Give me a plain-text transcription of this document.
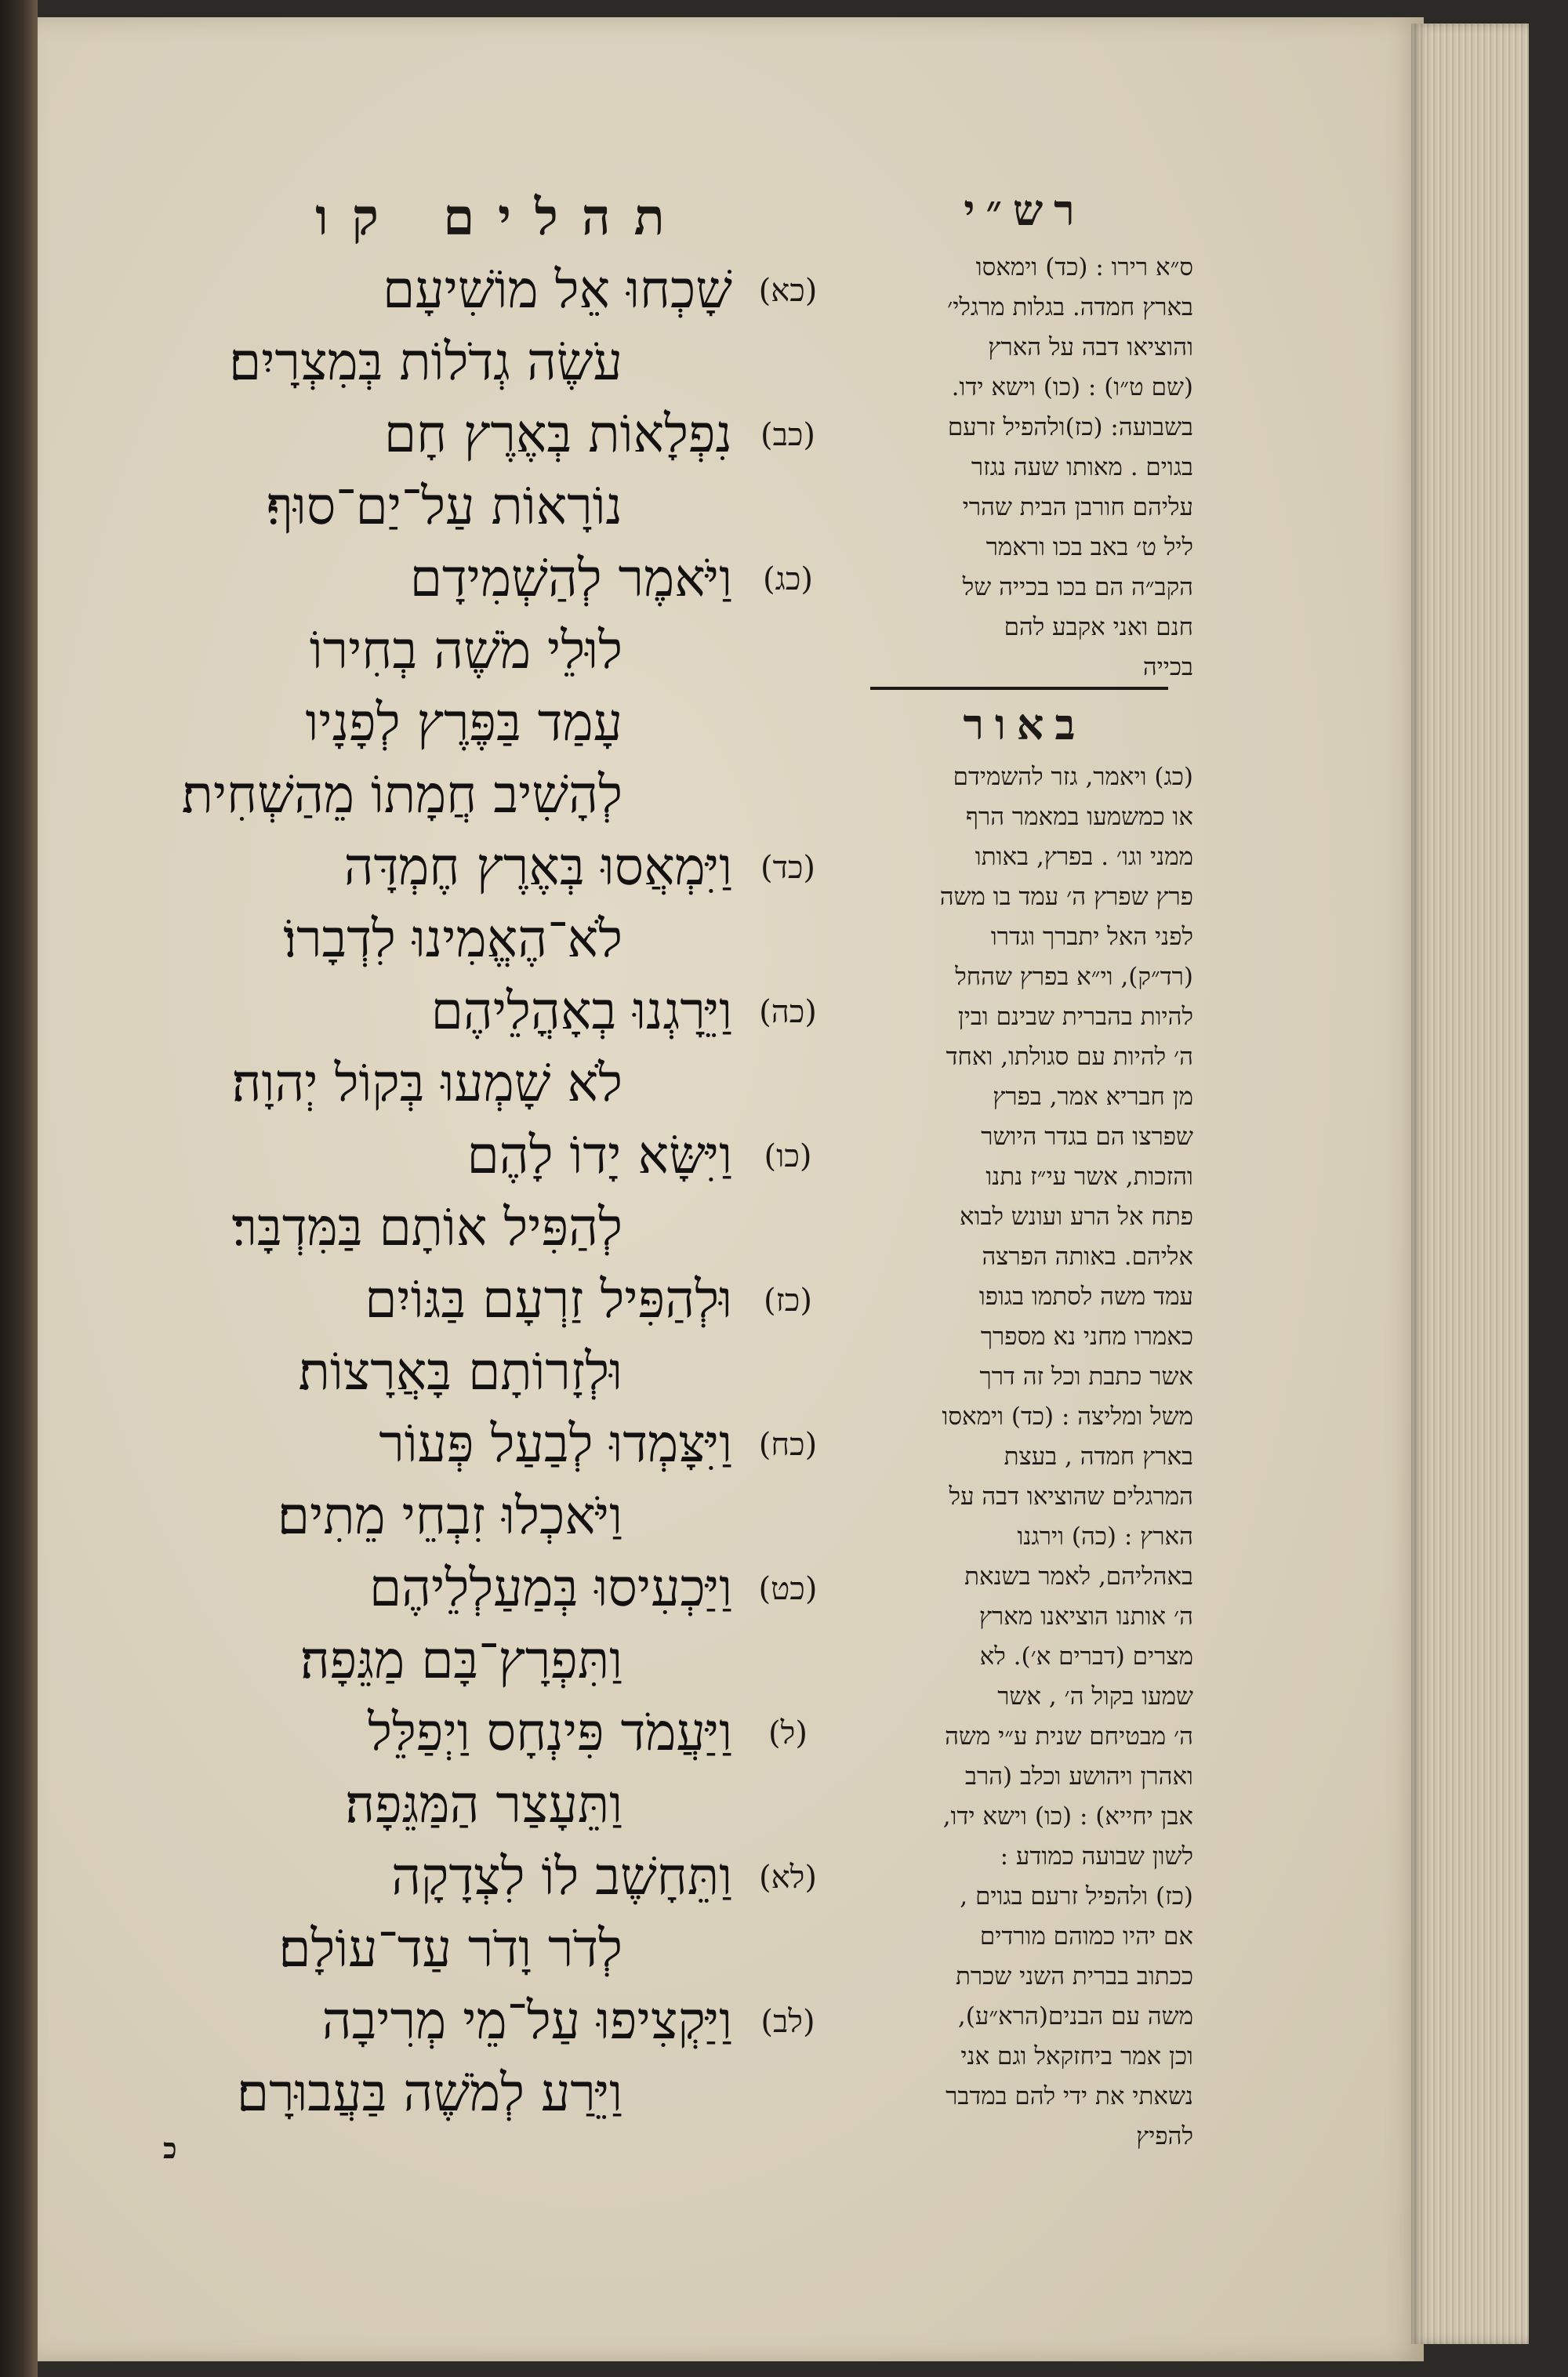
תהלים קו
(כא)
שָׁכְחוּ אֵל מוֹשִׁיעָם
עֹשֶׂה גְדֹלוֹת בְּמִצְרָיִם׃
(כב)
נִפְלָאוֹת בְּאֶרֶץ חָם
נוֹרָאוֹת עַל־יַם־סוּף׃
(כג)
וַיֹּאמֶר לְהַשְׁמִידָם
לוּלֵי מֹשֶׁה בְחִירוֹ
עָמַד בַּפֶּרֶץ לְפָנָיו
לְהָשִׁיב חֲמָתוֹ מֵהַשְׁחִית׃
(כד)
וַיִּמְאֲסוּ בְּאֶרֶץ חֶמְדָּה
לֹא־הֶאֱמִינוּ לִדְבָרוֹ׃
(כה)
וַיֵּרָגְנוּ בְאָהֳלֵיהֶם
לֹא שָׁמְעוּ בְּקוֹל יְהוָה׃
(כו)
וַיִּשָּׂא יָדוֹ לָהֶם
לְהַפִּיל אוֹתָם בַּמִּדְבָּר׃
(כז)
וּלְהַפִּיל זַרְעָם בַּגּוֹיִם
וּלְזָרוֹתָם בָּאֲרָצוֹת׃
(כח)
וַיִּצָּמְדוּ לְבַעַל פְּעוֹר
וַיֹּאכְלוּ זִבְחֵי מֵתִים׃
(כט)
וַיַּכְעִיסוּ בְּמַעַלְלֵיהֶם
וַתִּפְרָץ־בָּם מַגֵּפָה׃
(ל)
וַיַּעֲמֹד פִּינְחָס וַיְפַלֵּל
וַתֵּעָצַר הַמַּגֵּפָה׃
(לא)
וַתֵּחָשֶׁב לוֹ לִצְדָקָה
לְדֹר וָדֹר עַד־עוֹלָם׃
(לב)
וַיַּקְצִיפוּ עַל־מֵי מְרִיבָה
וַיֵּרַע לְמֹשֶׁה בַּעֲבוּרָם׃
כ
רש״י
ס״א רירו : (כד) וימאסו
בארץ חמדה. בגלות מרגלי׳
והוציאו דבה על הארץ
(שם ט״ו) : (כו) וישא ידו.
בשבועה: (כז)ולהפיל זרעם
בגוים . מאותו שעה נגזר
עליהם חורבן הבית שהרי
ליל ט׳ באב בכו וראמר
הקב״ה הם בכו בכייה של
חנם ואני אקבע להם
בכייה
באור
(כג) ויאמר, גזר להשמידם
או כמשמעו במאמר הרף
ממני וגו׳ . בפרץ, באותו
פרץ שפרץ ה׳ עמד בו משה
לפני האל יתברך וגדרו
(רד״ק), וי״א בפרץ שהחל
להיות בהברית שבינם ובין
ה׳ להיות עם סגולתו, ואחד
מן חבריא אמר, בפרץ
שפרצו הם בגדר היושר
והזכות, אשר עי״ז נתנו
פתח אל הרע ועונש לבוא
אליהם. באותה הפרצה
עמד משה לסתמו בגופו
כאמרו מחני נא מספרך
אשר כתבת וכל זה דרך
משל ומליצה : (כד) וימאסו
בארץ חמדה , בעצת
המרגלים שהוציאו דבה על
הארץ : (כה) וירגנו
באהליהם, לאמר בשנאת
ה׳ אותנו הוציאנו מארץ
מצרים (דברים א׳). לא
שמעו בקול ה׳ , אשר
ה׳ מבטיחם שנית ע״י משה
ואהרן ויהושע וכלב (הרב
אבן יחייא) : (כו) וישא ידו,
לשון שבועה כמודע :
(כז) ולהפיל זרעם בגוים ,
אם יהיו כמוהם מורדים
ככתוב בברית השני שכרת
משה עם הבנים(הרא״ע),
וכן אמר ביחזקאל וגם אני
נשאתי את ידי להם במדבר
להפיץ
